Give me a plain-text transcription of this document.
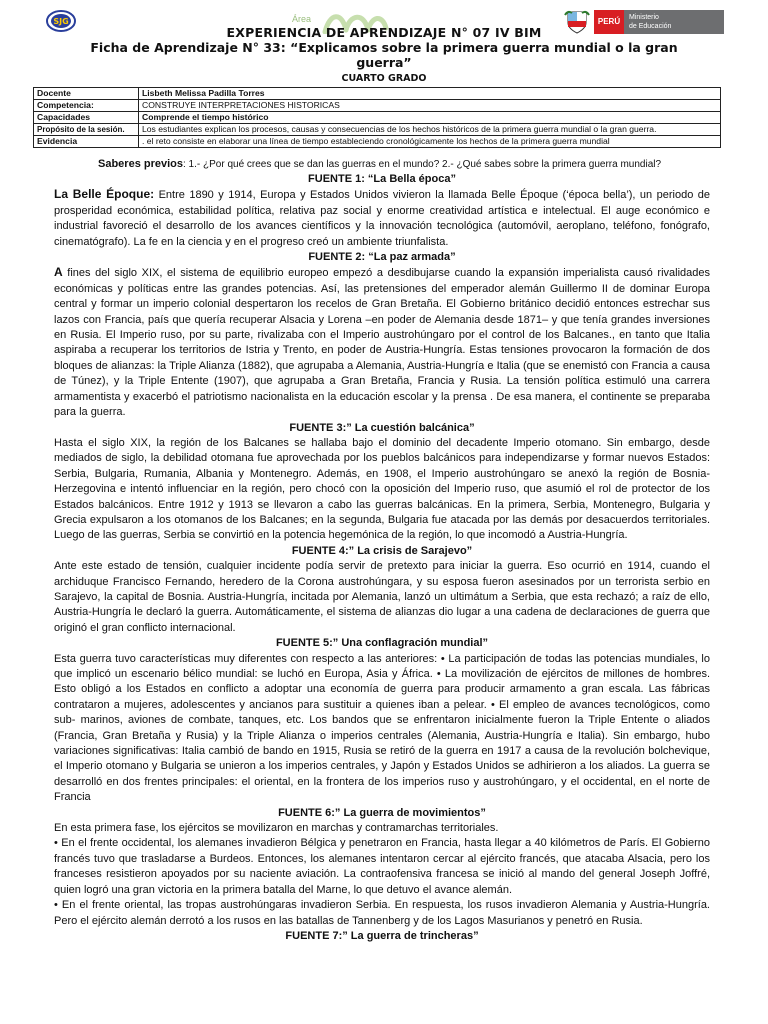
SJG	Área	PERÚ	Ministerio
de Educación
EXPERIENCIA DE APRENDIZAJE N° 07 IV BIM
Ficha de Aprendizaje N° 33: “Explicamos sobre la primera guerra mundial o la gran guerra”
CUARTO GRADO
Docente	Lisbeth Melissa Padilla Torres
Competencia:	CONSTRUYE INTERPRETACIONES HISTORICAS
Capacidades	Comprende el tiempo histórico
Propósito de la sesión.	Los estudiantes explican los procesos, causas y consecuencias de los hechos históricos de la primera guerra mundial o la gran guerra.
Evidencia	. el reto consiste en elaborar una línea de tiempo estableciendo cronológicamente los hechos de la primera guerra mundial
Saberes previos: 1.- ¿Por qué crees que se dan las guerras en el mundo? 2.- ¿Qué sabes sobre la primera guerra mundial?

FUENTE 1: “La Bella época”

La Belle Époque: Entre 1890 y 1914, Europa y Estados Unidos vivieron la llamada Belle Époque (‘época bella’), un periodo de prosperidad económica, estabilidad política, relativa paz social y enorme creatividad artística e intelectual. El auge económico e industrial favoreció el desarrollo de los avances científicos y la innovación tecnológica (automóvil, aeroplano, teléfono, fonógrafo, cinematógrafo). La fe en la ciencia y en el progreso creó un ambiente triunfalista.

FUENTE 2: “La paz armada”

A fines del siglo XIX, el sistema de equilibrio europeo empezó a desdibujarse cuando la expansión imperialista causó rivalidades económicas y políticas entre las grandes potencias. Así, las pretensiones del emperador alemán Guillermo II de dominar Europa central y formar un imperio colonial despertaron los recelos de Gran Bretaña. El Gobierno británico decidió entonces estrechar sus lazos con Francia, país que quería recuperar Alsacia y Lorena –en poder de Alemania desde 1871– y que tenía grandes inversiones en Rusia. El Imperio ruso, por su parte, rivalizaba con el Imperio austrohúngaro por el control de los Balcanes., en tanto que Italia aspiraba a recuperar los territorios de Istria y Trento, en poder de Austria-Hungría. Estas tensiones provocaron la formación de dos bloques de alianzas: la Triple Alianza (1882), que agrupaba a Alemania, Austria-Hungría e Italia (que se enemistó con Francia a causa de Túnez), y la Triple Entente (1907), que agrupaba a Gran Bretaña, Francia y Rusia. La tensión política estimuló una carrera armamentista y exacerbó el patriotismo nacionalista en la educación escolar y la prensa . De esa manera, el continente se preparaba para la guerra.

FUENTE 3:” La cuestión balcánica”

Hasta el siglo XIX, la región de los Balcanes se hallaba bajo el dominio del decadente Imperio otomano. Sin embargo, desde mediados de siglo, la debilidad otomana fue aprovechada por los pueblos balcánicos para independizarse y formar nuevos Estados: Serbia, Bulgaria, Rumania, Albania y Montenegro. Además, en 1908, el Imperio austrohúngaro se anexó la región de Bosnia-Herzegovina e intentó influenciar en la región, pero chocó con la oposición del Imperio ruso, que asumió el rol de protector de los Estados balcánicos. Entre 1912 y 1913 se llevaron a cabo las guerras balcánicas. En la primera, Serbia, Montenegro, Bulgaria y Grecia expulsaron a los otomanos de los Balcanes; en la segunda, Bulgaria fue atacada por las demás por desacuerdos territoriales. Luego de las guerras, Serbia se convirtió en la potencia hegemónica de la región, lo que incomodó a Austria-Hungría.

FUENTE 4:” La crisis de Sarajevo”

Ante este estado de tensión, cualquier incidente podía servir de pretexto para iniciar la guerra. Eso ocurrió en 1914, cuando el archiduque Francisco Fernando, heredero de la Corona austrohúngara, y su esposa fueron asesinados por un terrorista serbio en Sarajevo, la capital de Bosnia. Austria-Hungría, incitada por Alemania, lanzó un ultimátum a Serbia, que esta rechazó; a raíz de ello, Austria-Hungría le declaró la guerra. Automáticamente, el sistema de alianzas dio lugar a una cadena de declaraciones de guerra que originó el gran conflicto internacional.

FUENTE 5:” Una conflagración mundial”

Esta guerra tuvo características muy diferentes con respecto a las anteriores: • La participación de todas las potencias mundiales, lo que implicó un escenario bélico mundial: se luchó en Europa, Asia y África. • La movilización de ejércitos de millones de hombres. Esto obligó a los Estados en conflicto a adoptar una economía de guerra para producir armamento a gran escala. Las fábricas contrataron a mujeres, adolescentes y ancianos para sustituir a quienes iban a pelear. • El empleo de avances tecnológicos, como sub- marinos, aviones de combate, tanques, etc. Los bandos que se enfrentaron inicialmente fueron la Triple Entente o aliados (Francia, Gran Bretaña y Rusia) y la Triple Alianza o imperios centrales (Alemania, Austria-Hungría e Italia). Sin embargo, hubo variaciones significativas: Italia cambió de bando en 1915, Rusia se retiró de la guerra en 1917 a causa de la revolución bolchevique, el Imperio otomano y Bulgaria se unieron a los imperios centrales, y Japón y Estados Unidos se adhirieron a los aliados. La guerra se desarrolló en dos frentes principales: el oriental, en la frontera de los imperios ruso y austrohúngaro, y el occidental, en el norte de Francia

FUENTE 6:” La guerra de movimientos”

En esta primera fase, los ejércitos se movilizaron en marchas y contramarchas territoriales.

• En el frente occidental, los alemanes invadieron Bélgica y penetraron en Francia, hasta llegar a 40 kilómetros de París. El Gobierno francés tuvo que trasladarse a Burdeos. Entonces, los alemanes intentaron cercar al ejército francés, que atacaba Alsacia, pero los franceses resistieron apoyados por su naciente aviación. La contraofensiva francesa se inició al mando del general Joseph Joffré, quien logró una gran victoria en la primera batalla del Marne, lo que detuvo el avance alemán.

• En el frente oriental, las tropas austrohúngaras invadieron Serbia. En respuesta, los rusos invadieron Alemania y Austria-Hungría. Pero el ejército alemán derrotó a los rusos en las batallas de Tannenberg y de los Lagos Masurianos y penetró en Rusia.

FUENTE 7:” La guerra de trincheras”
